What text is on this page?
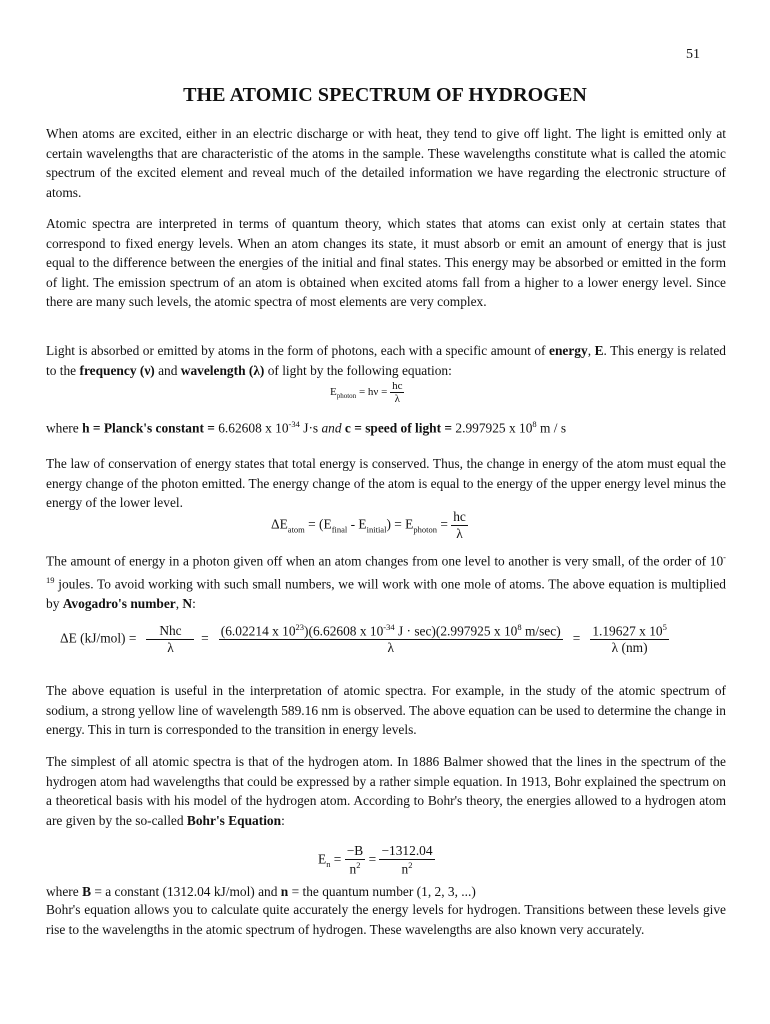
51
THE ATOMIC SPECTRUM OF HYDROGEN

When atoms are excited, either in an electric discharge or with heat, they tend to give off light. The light is emitted only at certain wavelengths that are characteristic of the atoms in the sample. These wavelengths constitute what is called the atomic spectrum of the excited element and reveal much of the detailed information we have regarding the electronic structure of atoms.

Atomic spectra are interpreted in terms of quantum theory, which states that atoms can exist only at certain states that correspond to fixed energy levels. When an atom changes its state, it must absorb or emit an amount of energy that is just equal to the difference between the energies of the initial and final states. This energy may be absorbed or emitted in the form of light. The emission spectrum of an atom is obtained when excited atoms fall from a higher to a lower energy level. Since there are many such levels, the atomic spectra of most elements are very complex.

Light is absorbed or emitted by atoms in the form of photons, each with a specific amount of energy, E. This energy is related to the frequency (ν) and wavelength (λ) of light by the following equation:

$E_{photon} = h\nu = \frac{hc}{\lambda}$

where h = Planck's constant = 6.62608 x $10^{-34}$ J·s and c = speed of light = 2.997925 x $10^8$ m / s

The law of conservation of energy states that total energy is conserved. Thus, the change in energy of the atom must equal the energy change of the photon emitted. The energy change of the atom is equal to the energy of the upper energy level minus the energy of the lower level.

$\Delta E_{atom} = (E_{final} - E_{initial}) = E_{photon} = \frac{hc}{\lambda}$

The amount of energy in a photon given off when an atom changes from one level to another is very small, of the order of $10^{-19}$ joules. To avoid working with such small numbers, we will work with one mole of atoms. The above equation is multiplied by Avogadro's number, N:

ΔE $(kJ/mol) = \frac{\text{Nhc}}{\lambda} = (6.02214$ x $10^{23})(6.62608$ x $10^{-34}$ J · sec)(2.997925 x $10^8$ m/sec)
λ
= $\frac{1.19627 x 10^5}{\lambda (nm)}$

The above equation is useful in the interpretation of atomic spectra. For example, in the study of the atomic spectrum of sodium, a strong yellow line of wavelength 589.16 nm is observed. The above equation can be used to determine the change in energy. This in turn is corresponded to the transition in energy levels.

The simplest of all atomic spectra is that of the hydrogen atom. In 1886 Balmer showed that the lines in the spectrum of the hydrogen atom had wavelengths that could be expressed by a rather simple equation. In 1913, Bohr explained the spectrum on a theoretical basis with his model of the hydrogen atom. According to Bohr's theory, the energies allowed to a hydrogen atom are given by the so-called Bohr's Equation:

$E_n = \frac{-B}{n^2} = \frac{-1312.04}{n^2}$

where B = a constant (1312.04 kJ/mol) and n = the quantum number (1, 2, 3, ...)

Bohr's equation allows you to calculate quite accurately the energy levels for hydrogen. Transitions between these levels give rise to the wavelengths in the atomic spectrum of hydrogen. These wavelengths are also known very accurately.
